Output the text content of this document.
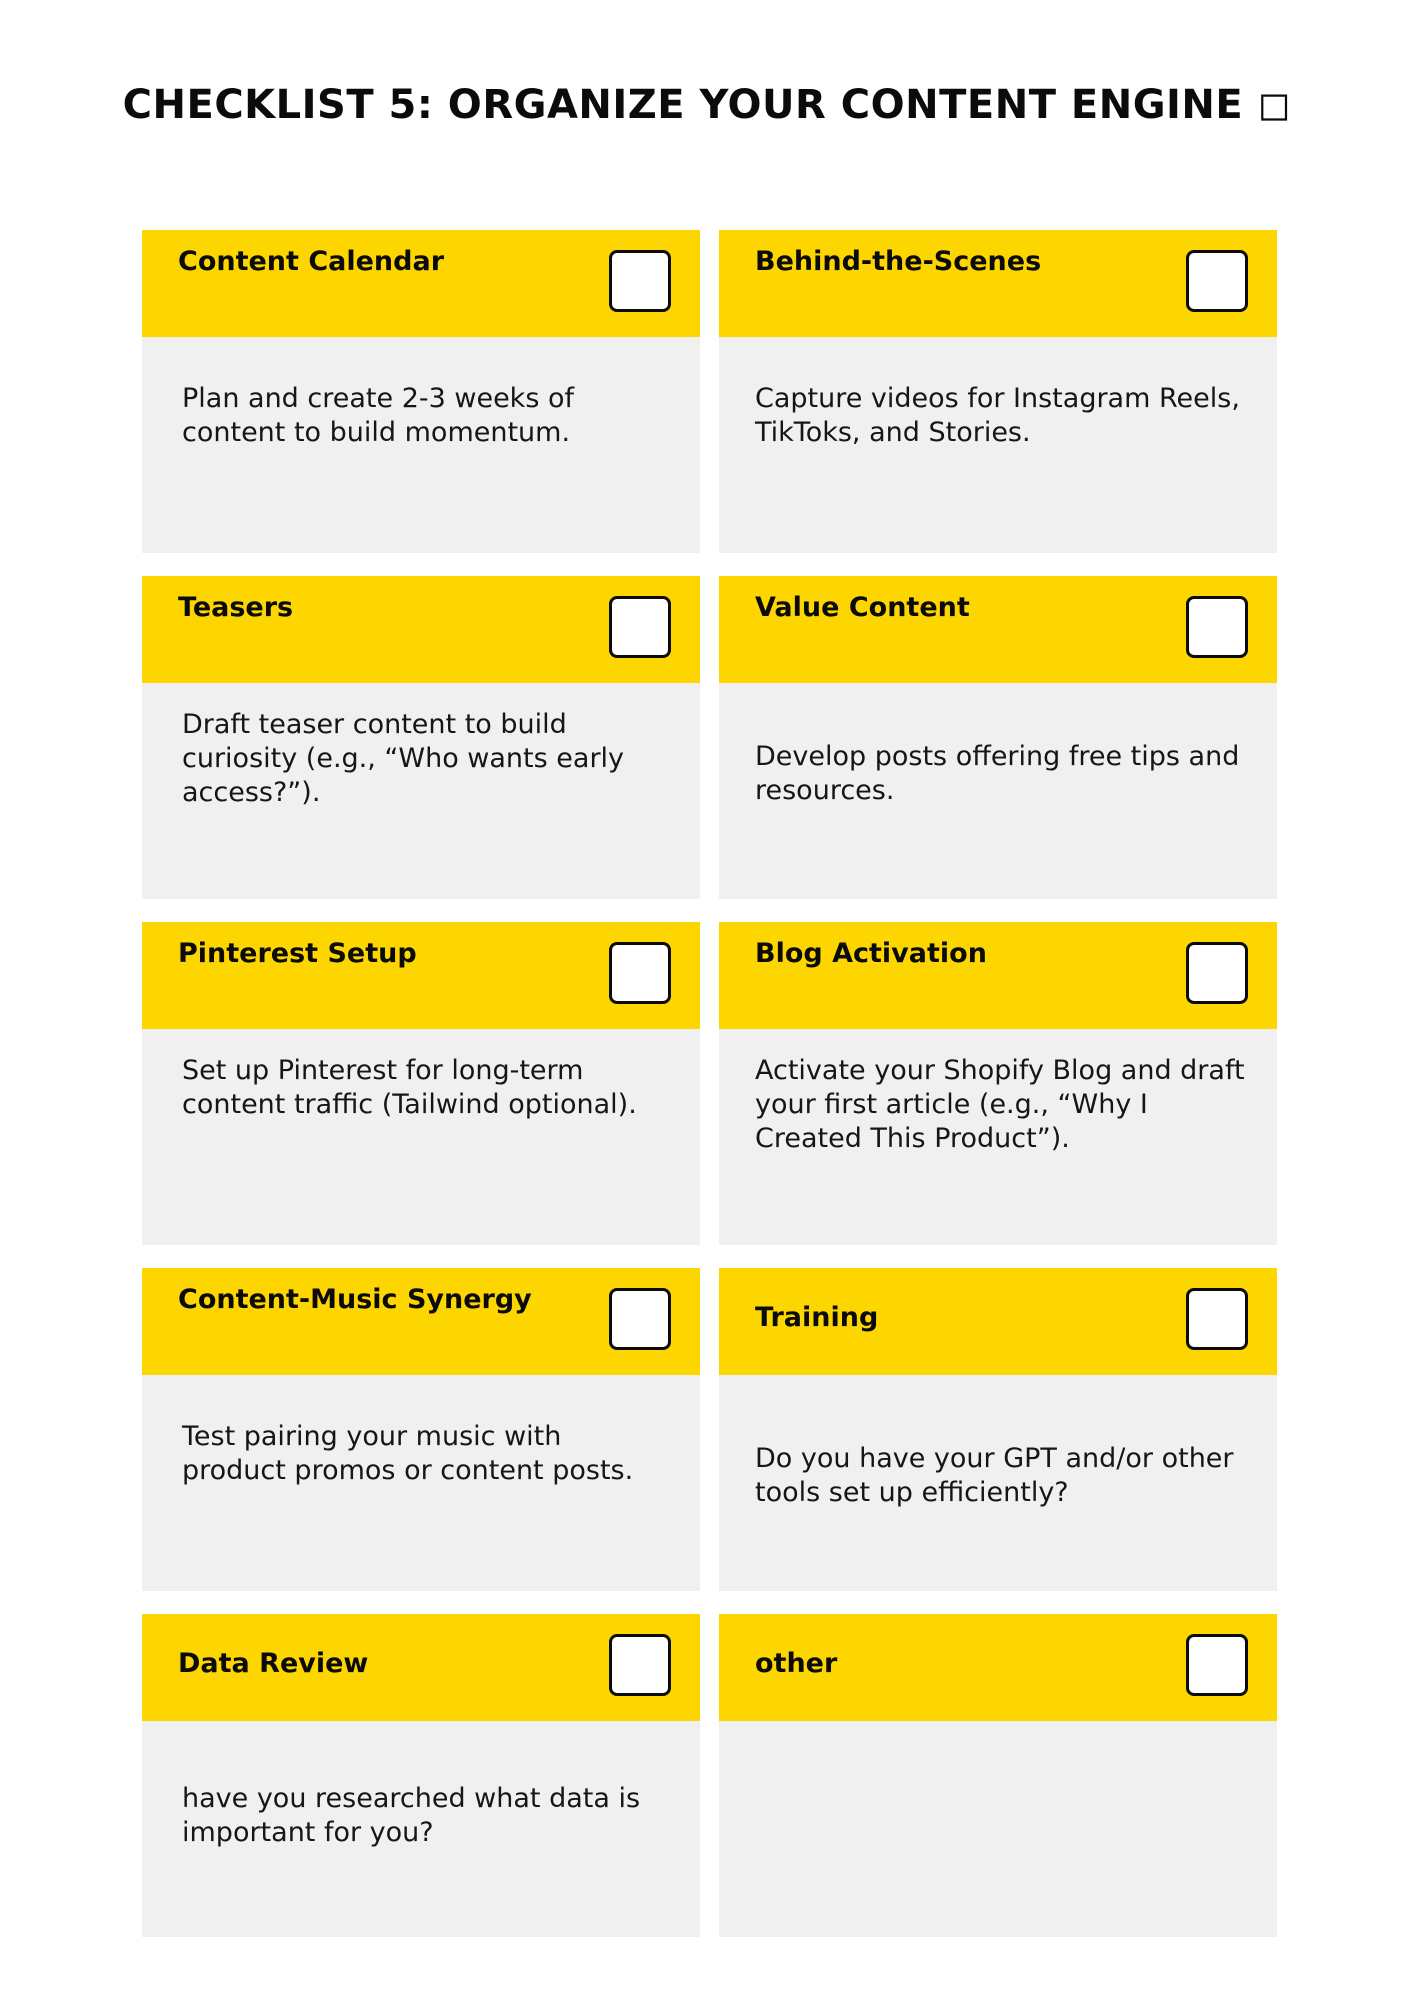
CHECKLIST 5: ORGANIZE YOUR CONTENT ENGINE ◻
Content Calendar
Plan and create 2-3 weeks of content to build momentum.
Behind-the-Scenes
Capture videos for Instagram Reels, TikToks, and Stories.
Teasers
Draft teaser content to build curiosity (e.g., “Who wants early access?”).
Value Content
Develop posts offering free tips and resources.
Pinterest Setup
Set up Pinterest for long-term content traffic (Tailwind optional).
Blog Activation
Activate your Shopify Blog and draft your first article (e.g., “Why I Created This Product”).
Content-Music Synergy
Test pairing your music with product promos or content posts.
Training
Do you have your GPT and/or other tools set up efficiently?
Data Review
have you researched what data is important for you?
other
